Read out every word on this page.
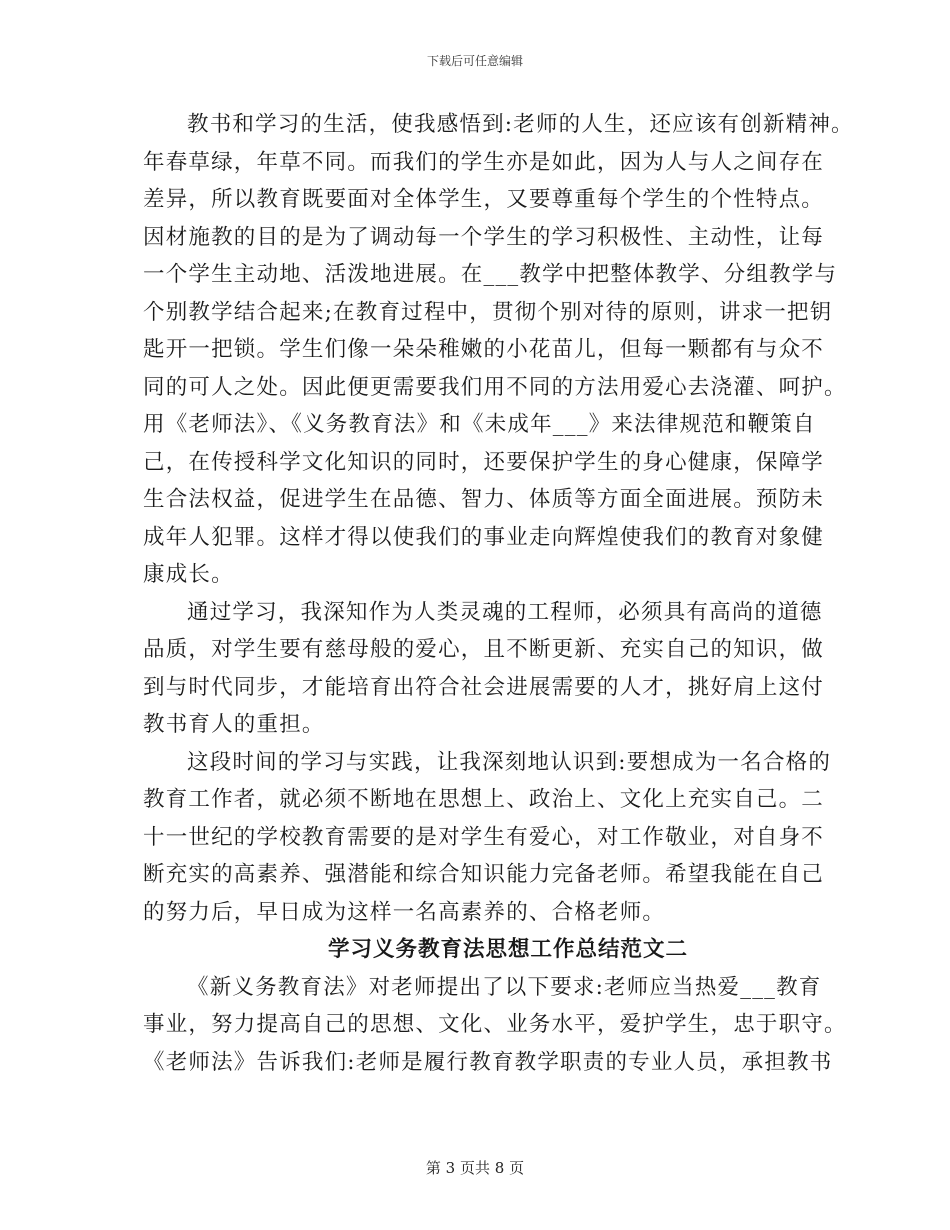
下载后可任意编辑
教书和学习的生活，使我感悟到:老师的人生，还应该有创新精神。
年春草绿，年草不同。而我们的学生亦是如此，因为人与人之间存在
差异，所以教育既要面对全体学生，又要尊重每个学生的个性特点。
因材施教的目的是为了调动每一个学生的学习积极性、主动性，让每
一个学生主动地、活泼地进展。在___教学中把整体教学、分组教学与
个别教学结合起来;在教育过程中，贯彻个别对待的原则，讲求一把钥
匙开一把锁。学生们像一朵朵稚嫩的小花苗儿，但每一颗都有与众不
同的可人之处。因此便更需要我们用不同的方法用爱心去浇灌、呵护。
用《老师法》、《义务教育法》和《未成年___》来法律规范和鞭策自
己，在传授科学文化知识的同时，还要保护学生的身心健康，保障学
生合法权益，促进学生在品德、智力、体质等方面全面进展。预防未
成年人犯罪。这样才得以使我们的事业走向辉煌使我们的教育对象健
康成长。
通过学习，我深知作为人类灵魂的工程师，必须具有高尚的道德
品质，对学生要有慈母般的爱心，且不断更新、充实自己的知识，做
到与时代同步，才能培育出符合社会进展需要的人才，挑好肩上这付
教书育人的重担。
这段时间的学习与实践，让我深刻地认识到:要想成为一名合格的
教育工作者，就必须不断地在思想上、政治上、文化上充实自己。二
十一世纪的学校教育需要的是对学生有爱心，对工作敬业，对自身不
断充实的高素养、强潜能和综合知识能力完备老师。希望我能在自己
的努力后，早日成为这样一名高素养的、合格老师。
学习义务教育法思想工作总结范文二
《新义务教育法》对老师提出了以下要求:老师应当热爱___教育
事业，努力提高自己的思想、文化、业务水平，爱护学生，忠于职守。
《老师法》告诉我们:老师是履行教育教学职责的专业人员，承担教书
第 3 页共 8 页
